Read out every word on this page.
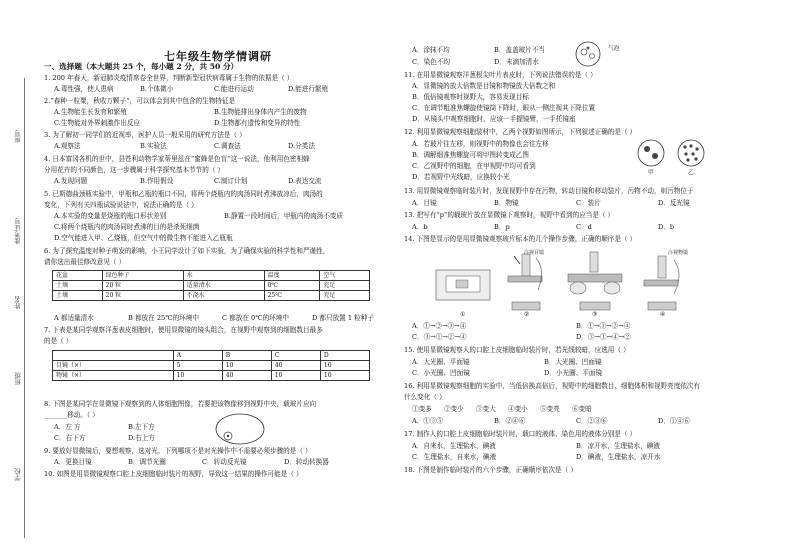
座号
准考证号
姓名
班级
学校
七年级生物学情调研
一、选择题（本大题共 25 个，每小题 2 分，共 50 分）
1. 200 年春天，新冠肺炎疫情席卷全世界，判断新型冠状病毒属于生物的依据是（ ）
A.毒性强，使人患病	B.个体微小	C.能进行运动	D.能进行繁殖
2.“春种一粒粟，秋收万颗子”，可以体会到其中包含的生物特征是
A.生物能生长发育和繁殖	B.生物能排出身体内产生的废物
C.生物能对外界刺激作出反应	D.生物都有遗传和变异的特性
3. 为了解初一同学们的近视率，医护人员一般采用的研究方法是（ ）
A.观察法	B.实验法	C.调查法	D.分类法
4. 日本富冈各机的世中，县苍利动物学家蒂里兹在“蜜蜂是色盲”这一说法，他利用色密相蜂
分用花卉的不同颜色，这一步骤属于科学探究基本节节的（ ）
A.发现问题	B.作用假设	C.制订计划	D.表达交流
5. 已斯德曲颈瓶实验中，甲瓶和乙瓶的瓶口不同，将两个烧瓶内的肉汤同时煮沸放凉后，肉汤的
变化，下列有关四瓶试验说法中，说法正确的是（ ）
A.本实验的变量是烧瓶的瓶口形状差别	B.静置一段时间后，甲瓶内的肉汤不变质
C.将两个烧瓶内的肉汤同时煮沸的目的是杀死细菌
D.空气能进入甲、乙烧瓶，但空气中的微生物不能进入乙瓶瓶
6. 为了探究温度对种子萌发的影响，小王同学设计了如下实验，为了确保实验的科学性和严谨性，
请你选出最佳修改意见（ ）
花盆	绿色种子	水	温度	空气
土壤	20 粒	适量清水	0℃	充足
土壤	20 粒	不浇水	25℃	充足
A 都适量清水	B 都放在 25℃的环境中	C 都放在 0℃的环境中	D 都只放置 1 粒种子
7. 下表是某同学观察洋葱表皮细胞时，使用显微镜的镜头组合，在视野中观察到的细胞数目最多
的是（ ）
	A	B	C	D
目镜（×）	5	10	40	10
物镜（×）	10	40	10	10
8. 下图是某同学在显微镜下观察到的人体细胞图像，若要把该物像移到视野中央，载玻片应向
_______移动。（ ）
A．左 方	B.左下方
C．右下方	D.右上方
9. 要放好显微镜后，要想观察，选对光，下列哪项不是对光操作中不需要必须步骤的是（ ）
A．更换目镜	B．调节光圈	C．转动反光镜	D．转动转换器
10. 如图是用显微镜观察口腔上皮细胞临时装片的视野，导致这一结果的操作可能是（ ）
A．涂抹不均	B．盖盖玻片不当
C．染色不均	D．未滴加清水
气泡
11. 在用显微镜观察洋葱根尖叶片表皮时，下列说法错误的是（ ）
A．显微镜的放大倍数是目镜和物镜放大倍数之和
B．低倍镜观察时视野大，容易发现目标
C．在调节粗准焦螺旋使镜筒下降时，眼从一侧注视其下降位置
D．从镜头中观察细胞时，应该一手握镜臂，一手托镜座
12. 利用显微镜观察细胞装材中，乙两个视野如图所示，下列叙述正确的是（ ）
A．若玻片往左移，则视野中的物像也会往左移
B．调解细准焦螺旋可将甲图转变成乙图
C．乙视野中的细胞，在甲视野中均可看到
D．若视野中光线暗，应换较小光	甲	乙
13. 用显微镜观察临时装片时，发现视野中存在污物，转动目镜和移动装片，污物不动，则污物位于
A．目镜	B．物镜	C．装片	D．反光镜
13. 把写有“p”的载玻片放在显微镜下观察时，视野中看到的应当是（ ）
A．b	B．p	C．d	D．b
14. 下图是显示的是用显微镜观察玻片标本的几个操作步骤，正确的顺序是（ ）
注视目镜	注视物镜
①	②	③	④
A．①→②→③→④	B．①→③→②→④
C．③→①→②→④	D．③→①→④→②
15. 使用显微镜观察人的口腔上皮细胞临时装片时，若光线较暗，应选用（ ）
A．大光圈、平面镜	B．大光圈、凹面镜
C．小光圈、凹面镜	D．小光圈、平面镜
16. 利用显微镜观察细胞的实验中，当低倍换高倍后，视野中的细胞数目、细胞体积和视野亮度依次有
什么变化（ ）
①变多 ②变少 ③变大 ④变小 ⑤变亮 ⑥变暗
A．①③⑤	B．②④⑥	C．②③⑥	D．①④⑥
17. 制作人的口腔上皮细胞临时装片时，载口的液体、染色用的液体分别是（ ）
A．自来水，生理盐水，碘液	B．凉开水，生理盐水，碘液
C．生理盐水，自来水，碘液	D．碘液，生理盐水，凉开水
18. 下图是制作临时装片的六个步骤，正确顺序依次是（ ）
